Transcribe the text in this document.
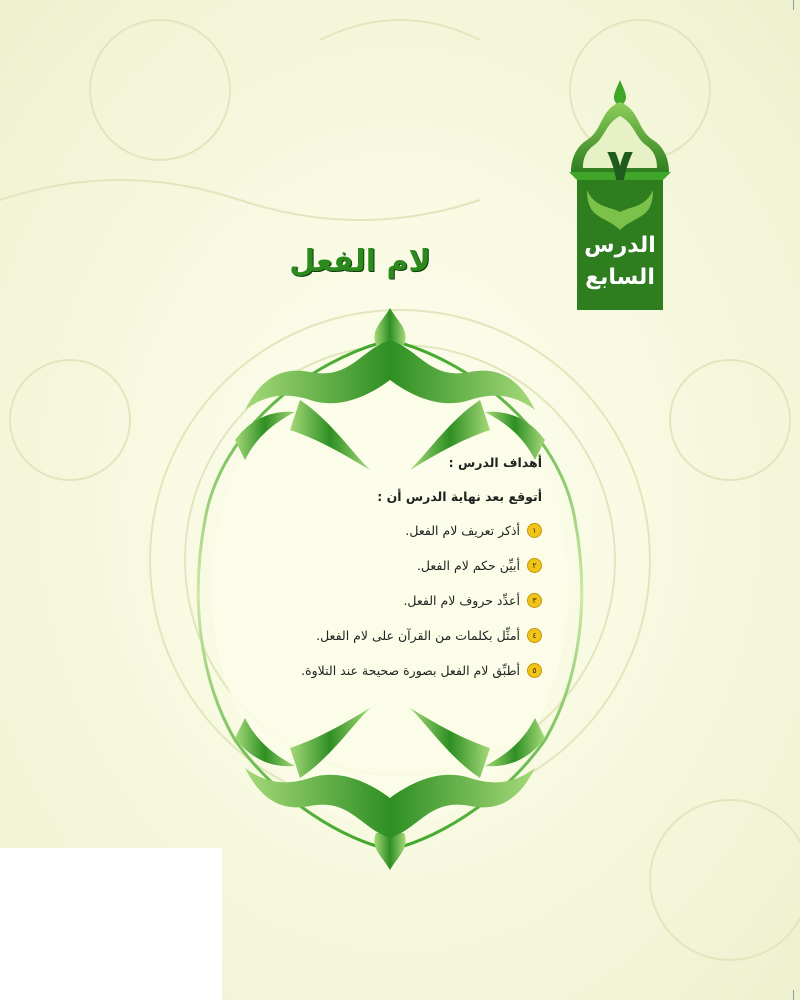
٧
الدرس
السابع
لام الفعل
أهداف الدرس :
أتوقع بعد نهاية الدرس أن :
١
أذكر تعريف لام الفعل.
٢
أبيِّن حكم لام الفعل.
٣
أعدِّد حروف لام الفعل.
٤
أمثِّل بكلمات من القرآن على لام الفعل.
٥
أطبِّق لام الفعل بصورة صحيحة عند التلاوة.
